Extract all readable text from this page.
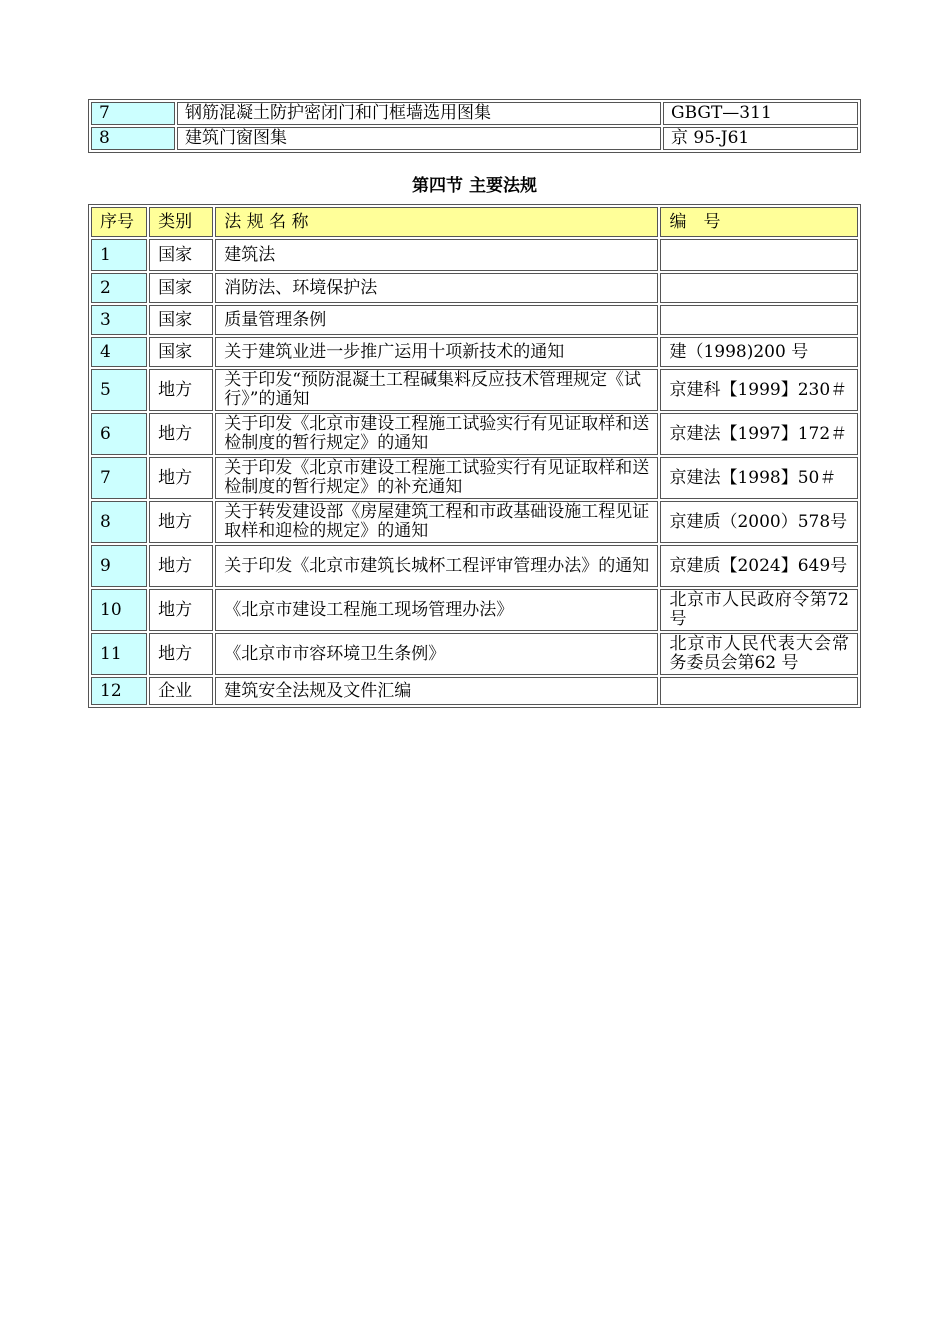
7	钢筋混凝土防护密闭门和门框墙选用图集	GBGT—311
8	建筑门窗图集	京 95-J61
第四节 主要法规
序号	类别	法 规 名 称	编　号
1	国家	建筑法	
2	国家	消防法、环境保护法	
3	国家	质量管理条例	
4	国家	关于建筑业进一步推广运用十项新技术的通知	建（1998)200 号
5	地方	关于印发“预防混凝土工程碱集料反应技术管理规定《试行》”的通知	京建科【1999】230＃
6	地方	关于印发《北京市建设工程施工试验实行有见证取样和送检制度的暂行规定》的通知	京建法【1997】172＃
7	地方	关于印发《北京市建设工程施工试验实行有见证取样和送检制度的暂行规定》的补充通知	京建法【1998】50＃
8	地方	关于转发建设部《房屋建筑工程和市政基础设施工程见证取样和迎检的规定》的通知	京建质（2000）578号
9	地方	关于印发《北京市建筑长城杯工程评审管理办法》的通知	京建质【2024】649号
10	地方	《北京市建设工程施工现场管理办法》	北京市人民政府令第72 号
11	地方	《北京市市容环境卫生条例》	北京市人民代表大会常务委员会第62 号
12	企业	建筑安全法规及文件汇编	
